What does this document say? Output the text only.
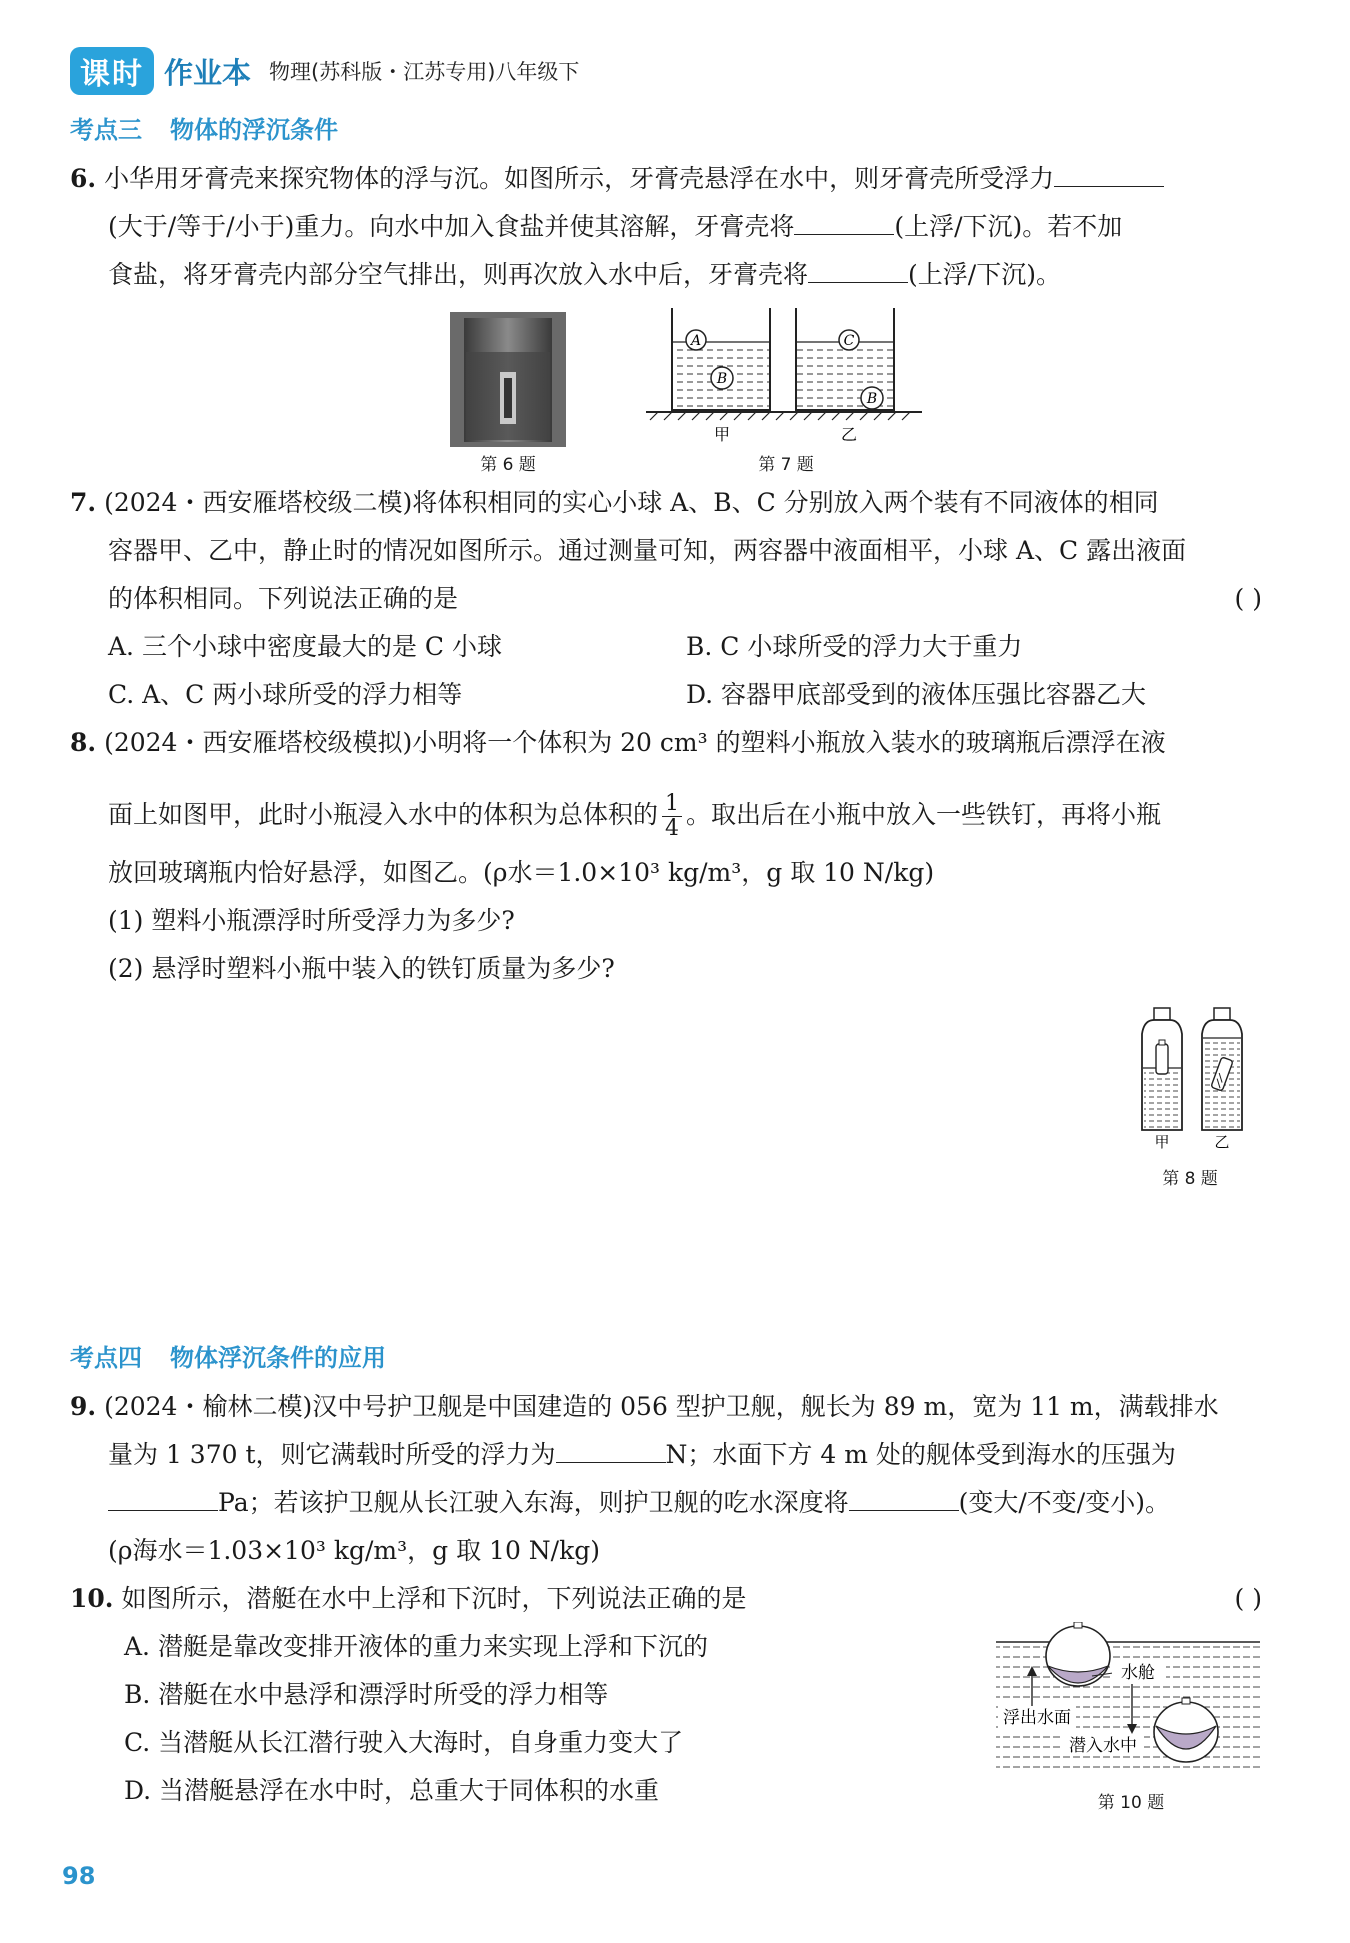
课时 作业本 物理(苏科版・江苏专用)八年级下
考点三 物体的浮沉条件
6. 小华用牙膏壳来探究物体的浮与沉。如图所示，牙膏壳悬浮在水中，则牙膏壳所受浮力
(大于/等于/小于)重力。向水中加入食盐并使其溶解，牙膏壳将	(上浮/下沉)。若不加
食盐，将牙膏壳内部分空气排出，则再次放入水中后，牙膏壳将	(上浮/下沉)。
第 6 题
A
B
C
B
甲	乙
第 7 题
7. (2024・西安雁塔校级二模)将体积相同的实心小球 A、B、C 分别放入两个装有不同液体的相同
容器甲、乙中，静止时的情况如图所示。通过测量可知，两容器中液面相平，小球 A、C 露出液面
的体积相同。下列说法正确的是	( )
A. 三个小球中密度最大的是 C 小球	B. C 小球所受的浮力大于重力
C. A、C 两小球所受的浮力相等	D. 容器甲底部受到的液体压强比容器乙大
8. (2024・西安雁塔校级模拟)小明将一个体积为 20 cm³ 的塑料小瓶放入装水的玻璃瓶后漂浮在液
面上如图甲，此时小瓶浸入水中的体积为总体积的 $\frac{1}{4}$ 。取出后在小瓶中放入一些铁钉，再将小瓶
放回玻璃瓶内恰好悬浮，如图乙。(ρ水＝1.0×10³ kg/m³，g 取 10 N/kg)
(1) 塑料小瓶漂浮时所受浮力为多少?
(2) 悬浮时塑料小瓶中装入的铁钉质量为多少?
甲	乙
第 8 题
考点四 物体浮沉条件的应用
9. (2024・榆林二模)汉中号护卫舰是中国建造的 056 型护卫舰，舰长为 89 m，宽为 11 m，满载排水
量为 1 370 t，则它满载时所受的浮力为	N；水面下方 4 m 处的舰体受到海水的压强为
Pa；若该护卫舰从长江驶入东海，则护卫舰的吃水深度将	(变大/不变/变小)。
(ρ海水＝1.03×10³ kg/m³，g 取 10 N/kg)
10. 如图所示，潜艇在水中上浮和下沉时，下列说法正确的是	( )
A. 潜艇是靠改变排开液体的重力来实现上浮和下沉的
B. 潜艇在水中悬浮和漂浮时所受的浮力相等
C. 当潜艇从长江潜行驶入大海时，自身重力变大了
D. 当潜艇悬浮在水中时，总重大于同体积的水重
水舱
浮出水面
潜入水中
第 10 题
98
